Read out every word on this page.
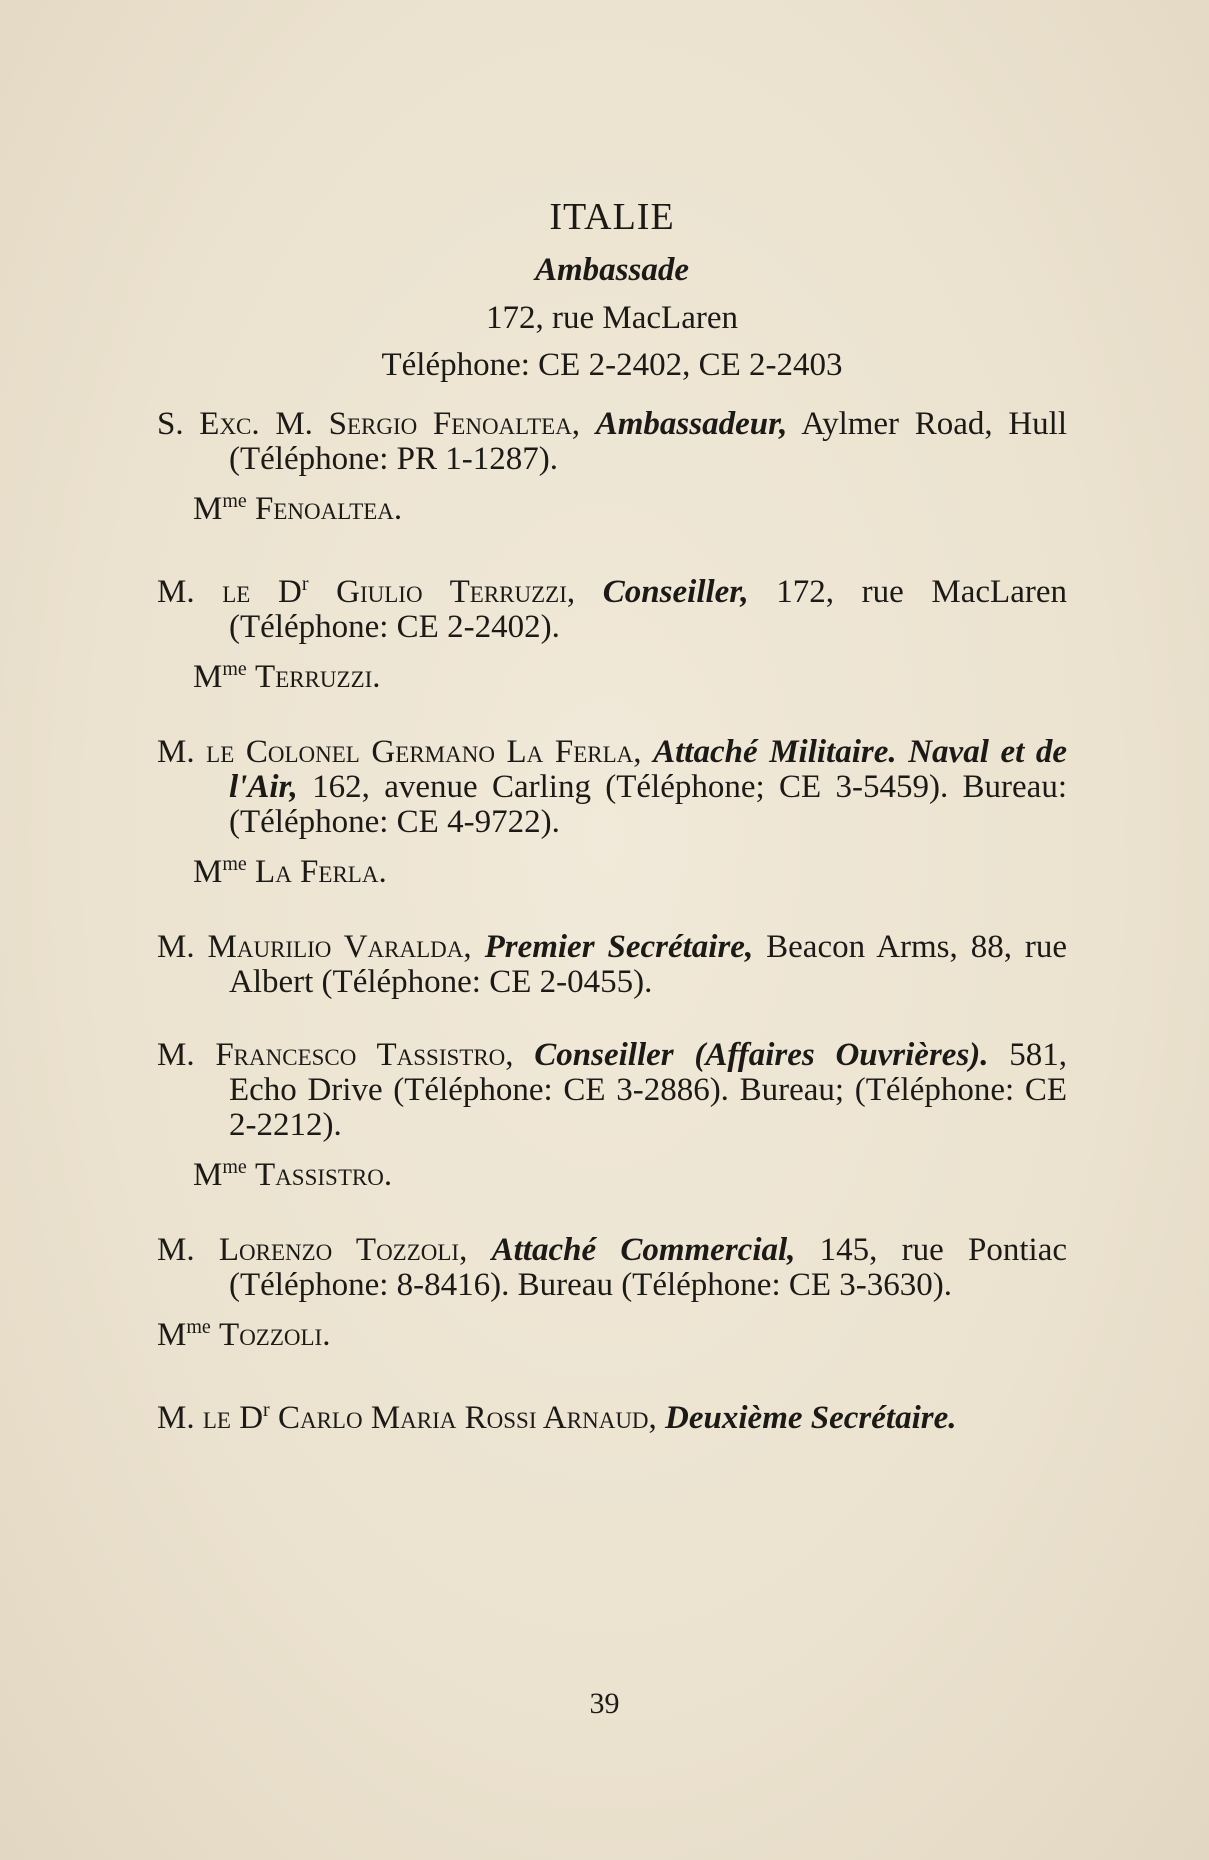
ITALIE

Ambassade

172, rue MacLaren

Téléphone: CE 2-2402, CE 2-2403

S. Exc. M. Sergio Fenoaltea, Ambassadeur, Aylmer Road, Hull (Téléphone: PR 1-1287).

$M^{me}$ Fenoaltea.

M. le $D^r$ Giulio Terruzzi, Conseiller, 172, rue MacLaren (Téléphone: CE 2-2402).

$M^{me}$ Terruzzi.

M. le Colonel Germano La Ferla, Attaché Militaire. Naval et de l'Air, 162, avenue Carling (Téléphone; CE 3-5459). Bureau: (Téléphone: CE 4-9722).

$M^{me}$ La Ferla.

M. Maurilio Varalda, Premier Secrétaire, Beacon Arms, 88, rue Albert (Téléphone: CE 2-0455).

M. Francesco Tassistro, Conseiller (Affaires Ouvrières). 581, Echo Drive (Téléphone: CE 3-2886). Bureau; (Téléphone: CE 2-2212).

$M^{me}$ Tassistro.

M. Lorenzo Tozzoli, Attaché Commercial, 145, rue Pontiac (Téléphone: 8-8416). Bureau (Téléphone: CE 3-3630).

$M^{me}$ Tozzoli.

M. le $D^r$ Carlo Maria Rossi Arnaud, Deuxième Secrétaire.

39
